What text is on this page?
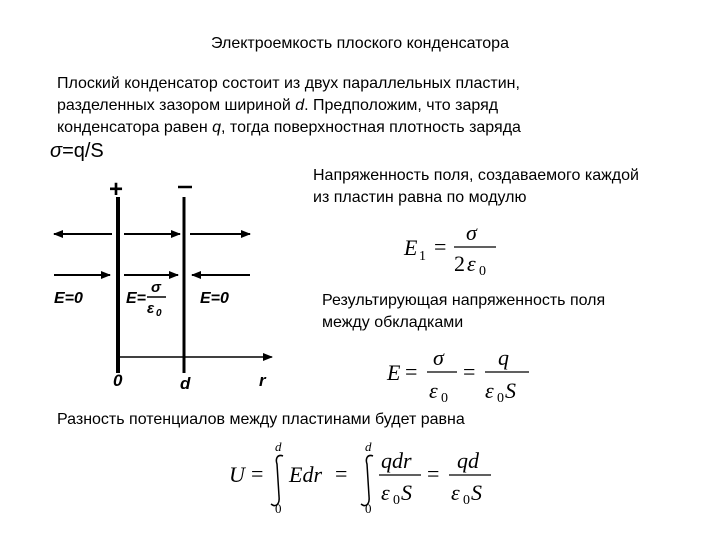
Электроемкость плоского конденсатора
Плоский конденсатор состоит из двух параллельных пластин,
разделенных зазором шириной d. Предположим, что заряд
конденсатора равен q, тогда поверхностная плотность заряда
σ=q/S
Напряженность поля, создаваемого каждой
из пластин равна по модулю
Результирующая напряженность поля
между обкладками
Разность потенциалов между пластинами будет равна
+
−
E=0	E=0
E=
σ
ε 0
0	d	r
E 1 =
σ
2 ε 0
E =
σ
ε 0
=
q
ε 0 S
U =
d
0
Edr =
d
0
qdr
ε 0 S
=
qd
ε 0 S
